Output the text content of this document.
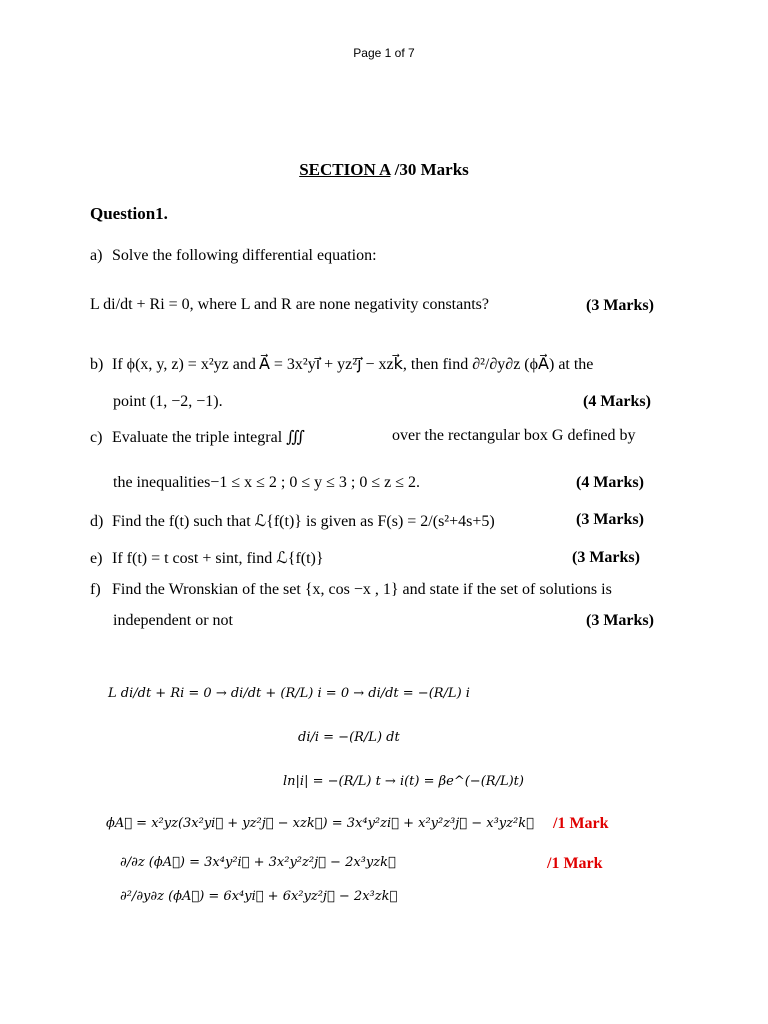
Page 1 of 7
SECTION A /30 Marks
Question1.
a) Solve the following differential equation:
L di/dt + Ri = 0, where L and R are none negativity constants?	(3 Marks)
b) If ϕ(x, y, z) = x²yz and A⃗ = 3x²yi⃗ + yz²j⃗ − xzk⃗, then find ∂²/∂y∂z (ϕA⃗) at the
point (1, −2, −1).	(4 Marks)
c) Evaluate the triple integral ∭	over the rectangular box G defined by
the inequalities−1 ≤ x ≤ 2 ; 0 ≤ y ≤ 3 ; 0 ≤ z ≤ 2.	(4 Marks)
d) Find the f(t) such that ℒ{f(t)} is given as F(s) = 2/(s²+4s+5)	(3 Marks)
e) If f(t) = t cost + sint, find ℒ{f(t)}	(3 Marks)
f) Find the Wronskian of the set {x, cos −x , 1} and state if the set of solutions is
independent or not	(3 Marks)
L di/dt + Ri = 0 → di/dt + (R/L) i = 0 → di/dt = −(R/L) i
di/i = −(R/L) dt
ln|i| = −(R/L) t → i(t) = βe^(−(R/L)t)
ϕA⃗ = x²yz(3x²yi⃗ + yz²j⃗ − xzk⃗) = 3x⁴y²zi⃗ + x²y²z³j⃗ − x³yz²k⃗ /1 Mark
∂/∂z (ϕA⃗) = 3x⁴y²i⃗ + 3x²y²z²j⃗ − 2x³yzk⃗	/1 Mark
∂²/∂y∂z (ϕA⃗) = 6x⁴yi⃗ + 6x²yz²j⃗ − 2x³zk⃗
